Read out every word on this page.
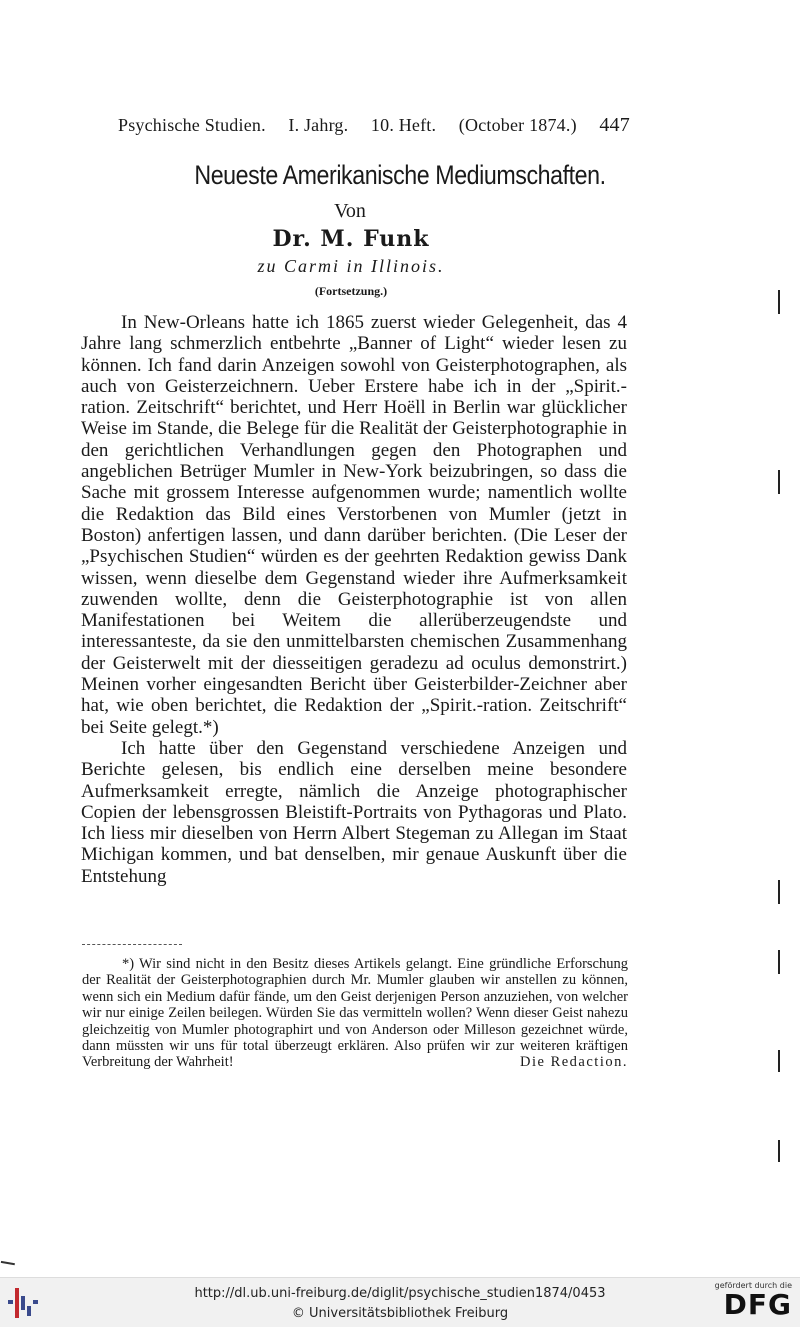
Psychische Studien. I. Jahrg. 10. Heft. (October 1874.) 447
Neueste Amerikanische Mediumschaften.
Von
Dr. M. Funk
zu Carmi in Illinois.
(Fortsetzung.)

In New-Orleans hatte ich 1865 zuerst wieder Gelegenheit, das 4 Jahre lang schmerzlich entbehrte „Banner of Light“ wieder lesen zu können. Ich fand darin Anzeigen sowohl von Geisterphotographen, als auch von Geisterzeichnern. Ueber Erstere habe ich in der „Spirit.-ration. Zeitschrift“ berichtet, und Herr Hoëll in Berlin war glücklicher Weise im Stande, die Belege für die Realität der Geisterphotographie in den gerichtlichen Verhandlungen gegen den Photographen und angeblichen Betrüger Mumler in New-York beizubringen, so dass die Sache mit grossem Interesse aufgenommen wurde; namentlich wollte die Redaktion das Bild eines Verstorbenen von Mumler (jetzt in Boston) anfertigen lassen, und dann darüber berichten. (Die Leser der „Psychischen Studien“ würden es der geehrten Redaktion gewiss Dank wissen, wenn dieselbe dem Gegenstand wieder ihre Aufmerksamkeit zuwenden wollte, denn die Geisterphotographie ist von allen Manifestationen bei Weitem die allerüberzeugendste und interessanteste, da sie den unmittelbarsten chemischen Zusammenhang der Geisterwelt mit der diesseitigen geradezu ad oculus demonstrirt.) Meinen vorher eingesandten Bericht über Geisterbilder-Zeichner aber hat, wie oben berichtet, die Redaktion der „Spirit.-ration. Zeitschrift“ bei Seite gelegt.*)

Ich hatte über den Gegenstand verschiedene Anzeigen und Berichte gelesen, bis endlich eine derselben meine besondere Aufmerksamkeit erregte, nämlich die Anzeige photographischer Copien der lebensgrossen Bleistift-Portraits von Pythagoras und Plato. Ich liess mir dieselben von Herrn Albert Stegeman zu Allegan im Staat Michigan kommen, und bat denselben, mir genaue Auskunft über die Entstehung

*) Wir sind nicht in den Besitz dieses Artikels gelangt. Eine gründliche Erforschung der Realität der Geisterphotographien durch Mr. Mumler glauben wir anstellen zu können, wenn sich ein Medium dafür fände, um den Geist derjenigen Person anzuziehen, von welcher wir nur einige Zeilen beilegen. Würden Sie das vermitteln wollen? Wenn dieser Geist nahezu gleichzeitig von Mumler photographirt und von Anderson oder Milleson gezeichnet würde, dann müssten wir uns für total überzeugt erklären. Also prüfen wir zur weiteren kräftigen Verbreitung der Wahrheit!	Die Redaction.

http://dl.ub.uni-freiburg.de/diglit/psychische_studien1874/0453
© Universitätsbibliothek Freiburg
gefördert durch die
DFG
